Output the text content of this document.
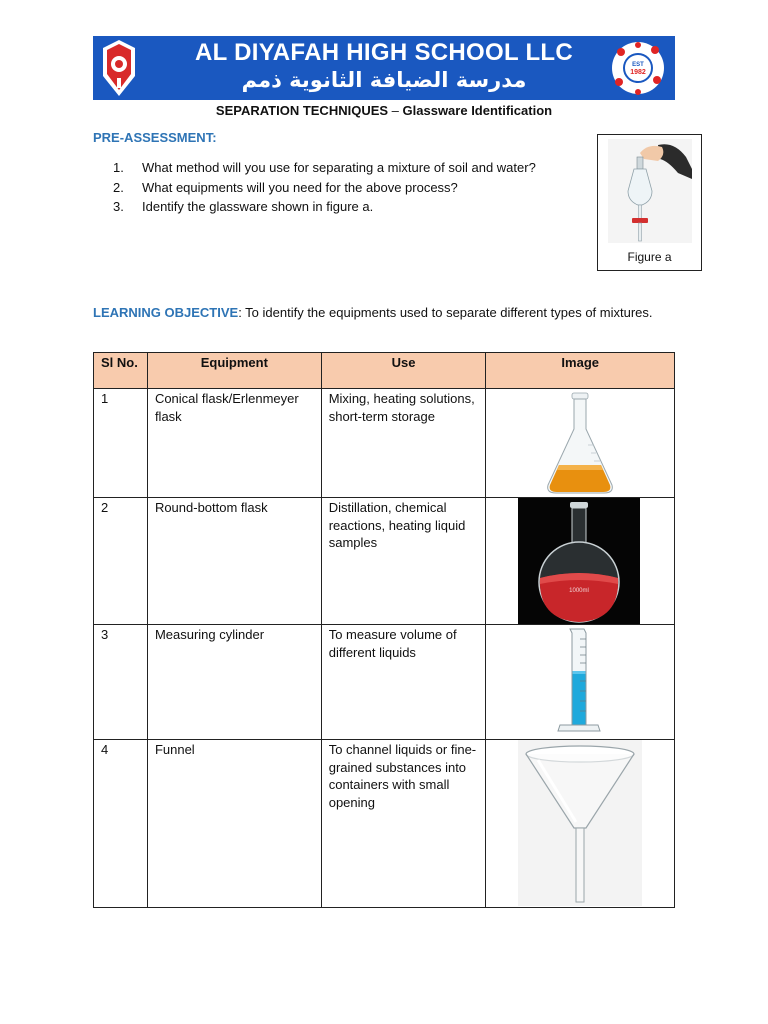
AL DIYAFAH HIGH SCHOOL LLC
مدرسة الضيافة الثانوية ذمم
EST
1982
SEPARATION TECHNIQUES – Glassware Identification
PRE-ASSESSMENT:
1.	What method will you use for separating a mixture of soil and water?
2.	What equipments will you need for the above process?
3.	Identify the glassware shown in figure a.
Figure a
LEARNING OBJECTIVE: To identify the equipments used to separate different types of mixtures.
Sl No.	Equipment	Use	Image
1	Conical flask/Erlenmeyer flask	Mixing, heating solutions, short-term storage	

2	Round-bottom flask	Distillation, chemical reactions, heating liquid samples	1000ml

3	Measuring cylinder	To measure volume of different liquids	

4	Funnel	To channel liquids or fine-grained substances into containers with small opening	
